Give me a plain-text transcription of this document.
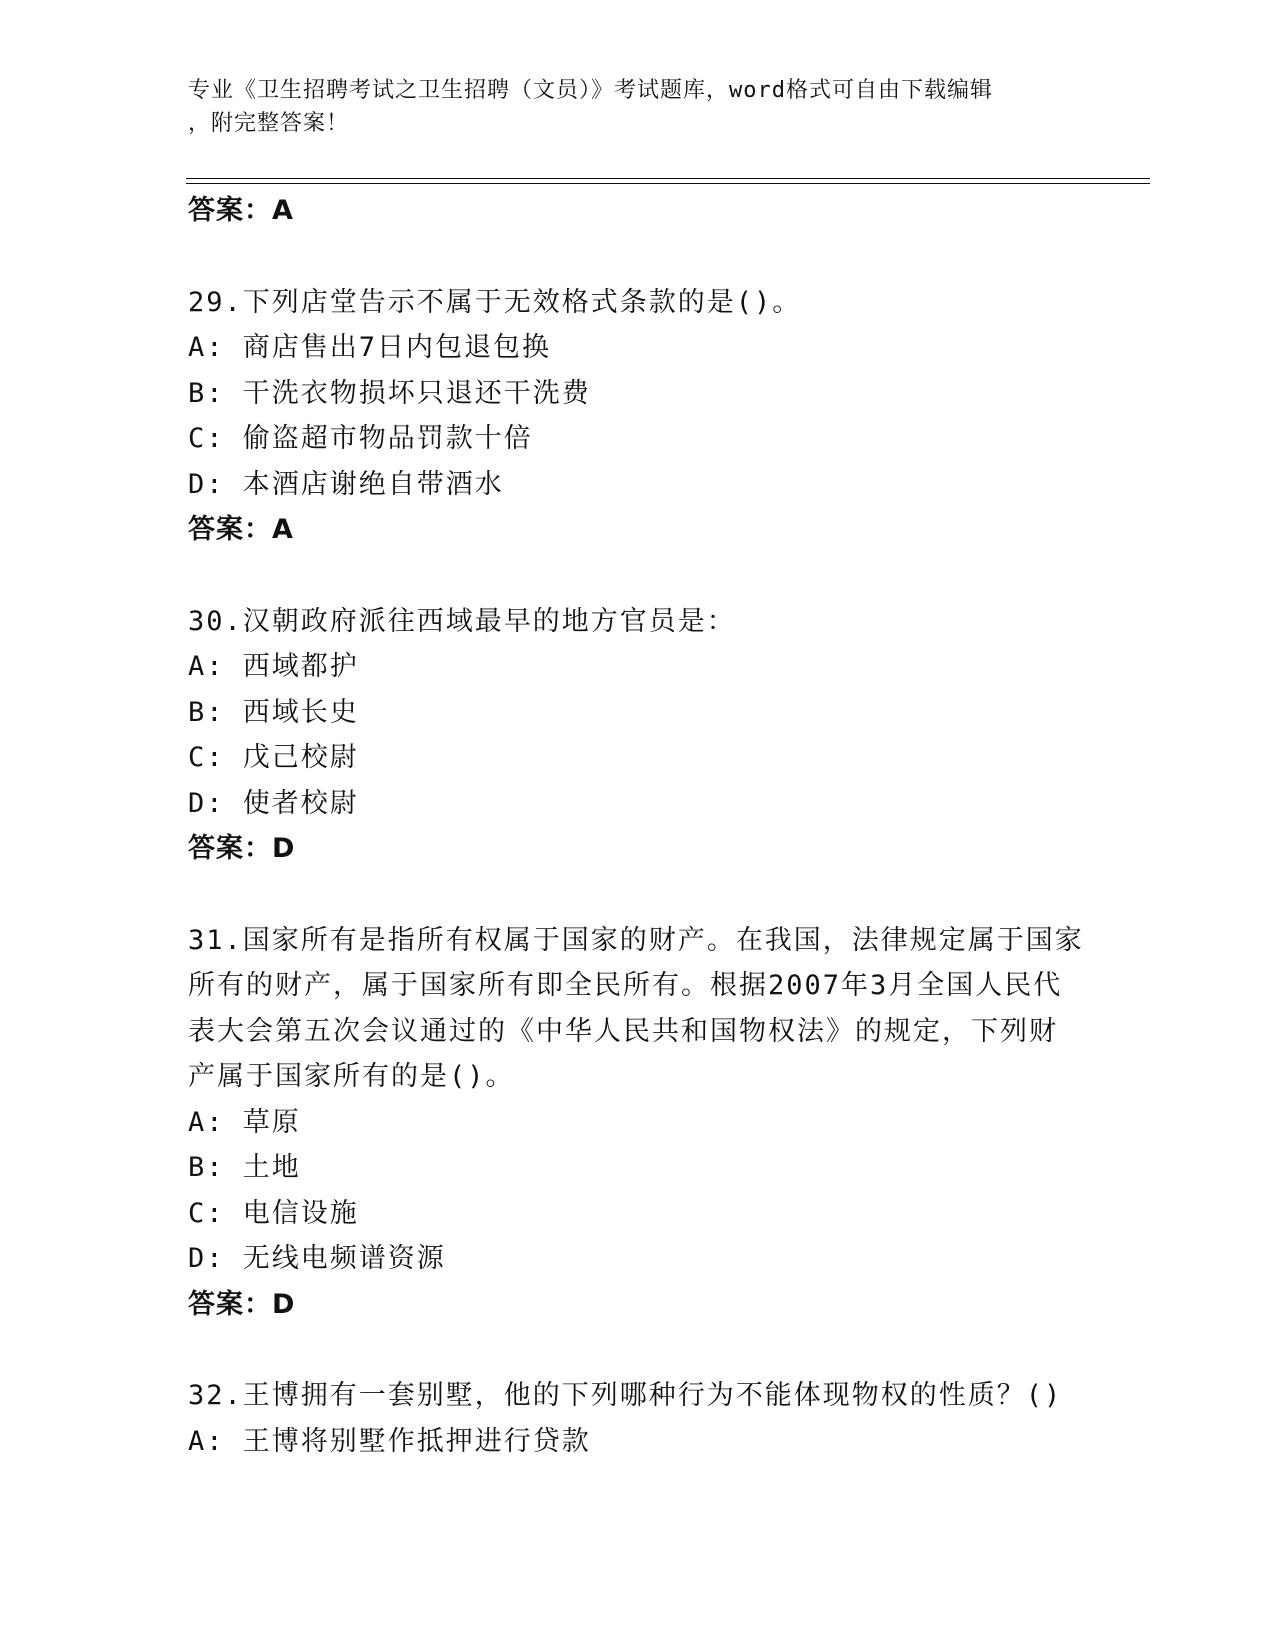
专业《卫生招聘考试之卫生招聘（文员）》考试题库，word格式可自由下载编辑
，附完整答案！
答案：A
29.下列店堂告示不属于无效格式条款的是()。
A: 商店售出7日内包退包换
B: 干洗衣物损坏只退还干洗费
C: 偷盗超市物品罚款十倍
D: 本酒店谢绝自带酒水
答案：A
30.汉朝政府派往西域最早的地方官员是：
A: 西域都护
B: 西域长史
C: 戊己校尉
D: 使者校尉
答案：D
31.国家所有是指所有权属于国家的财产。在我国，法律规定属于国家
所有的财产，属于国家所有即全民所有。根据2007年3月全国人民代
表大会第五次会议通过的《中华人民共和国物权法》的规定，下列财
产属于国家所有的是()。
A: 草原
B: 土地
C: 电信设施
D: 无线电频谱资源
答案：D
32.王博拥有一套别墅，他的下列哪种行为不能体现物权的性质？()
A: 王博将别墅作抵押进行贷款
